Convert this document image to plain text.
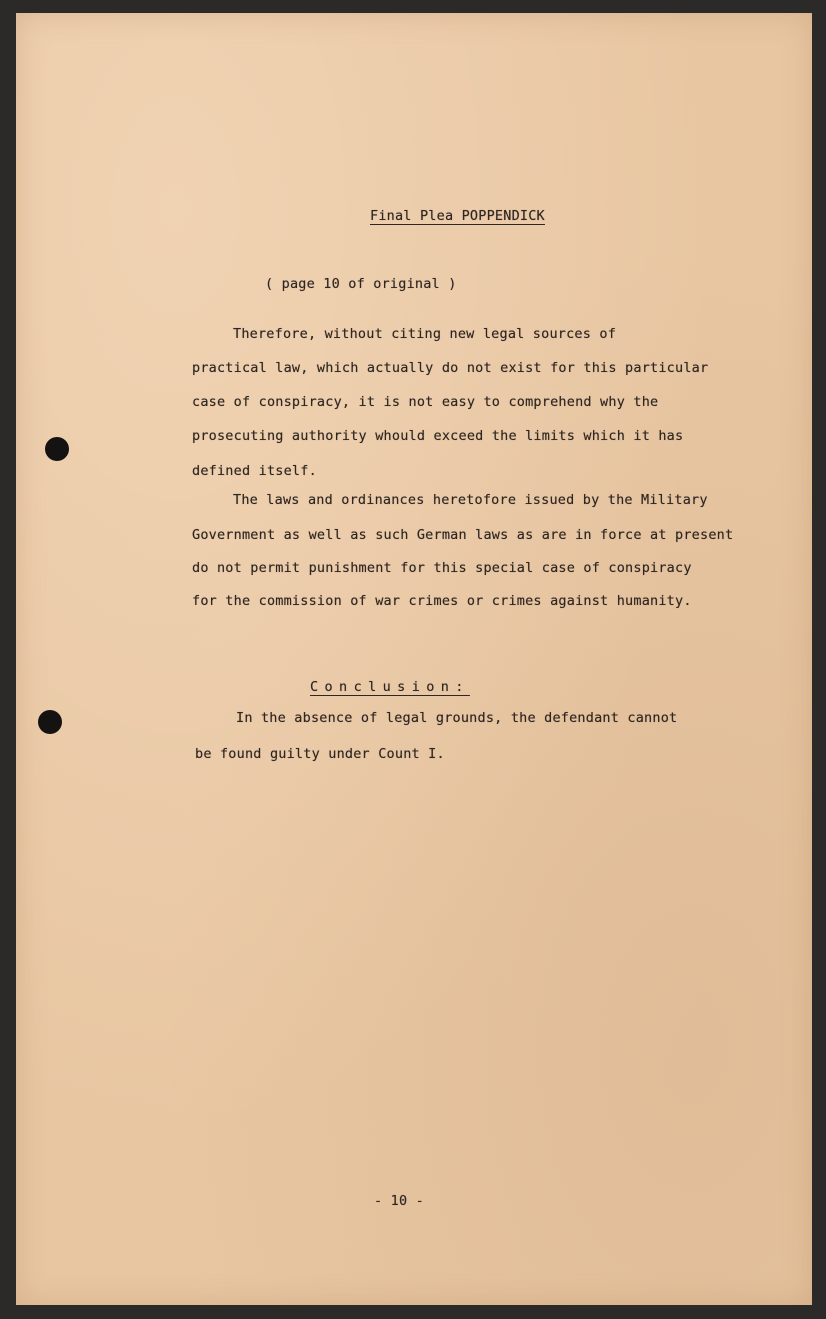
Final Plea POPPENDICK
( page 10 of original )
Therefore, without citing new legal sources of
practical law, which actually do not exist for this particular
case of conspiracy, it is not easy to comprehend why the
prosecuting authority whould exceed the limits which it has
defined itself.
The laws and ordinances heretofore issued by the Military
Government as well as such German laws as are in force at present
do not permit punishment for this special case of conspiracy
for the commission of war crimes or crimes against humanity.
Conclusion:
In the absence of legal grounds, the defendant cannot
be found guilty under Count I.
- 10 -
